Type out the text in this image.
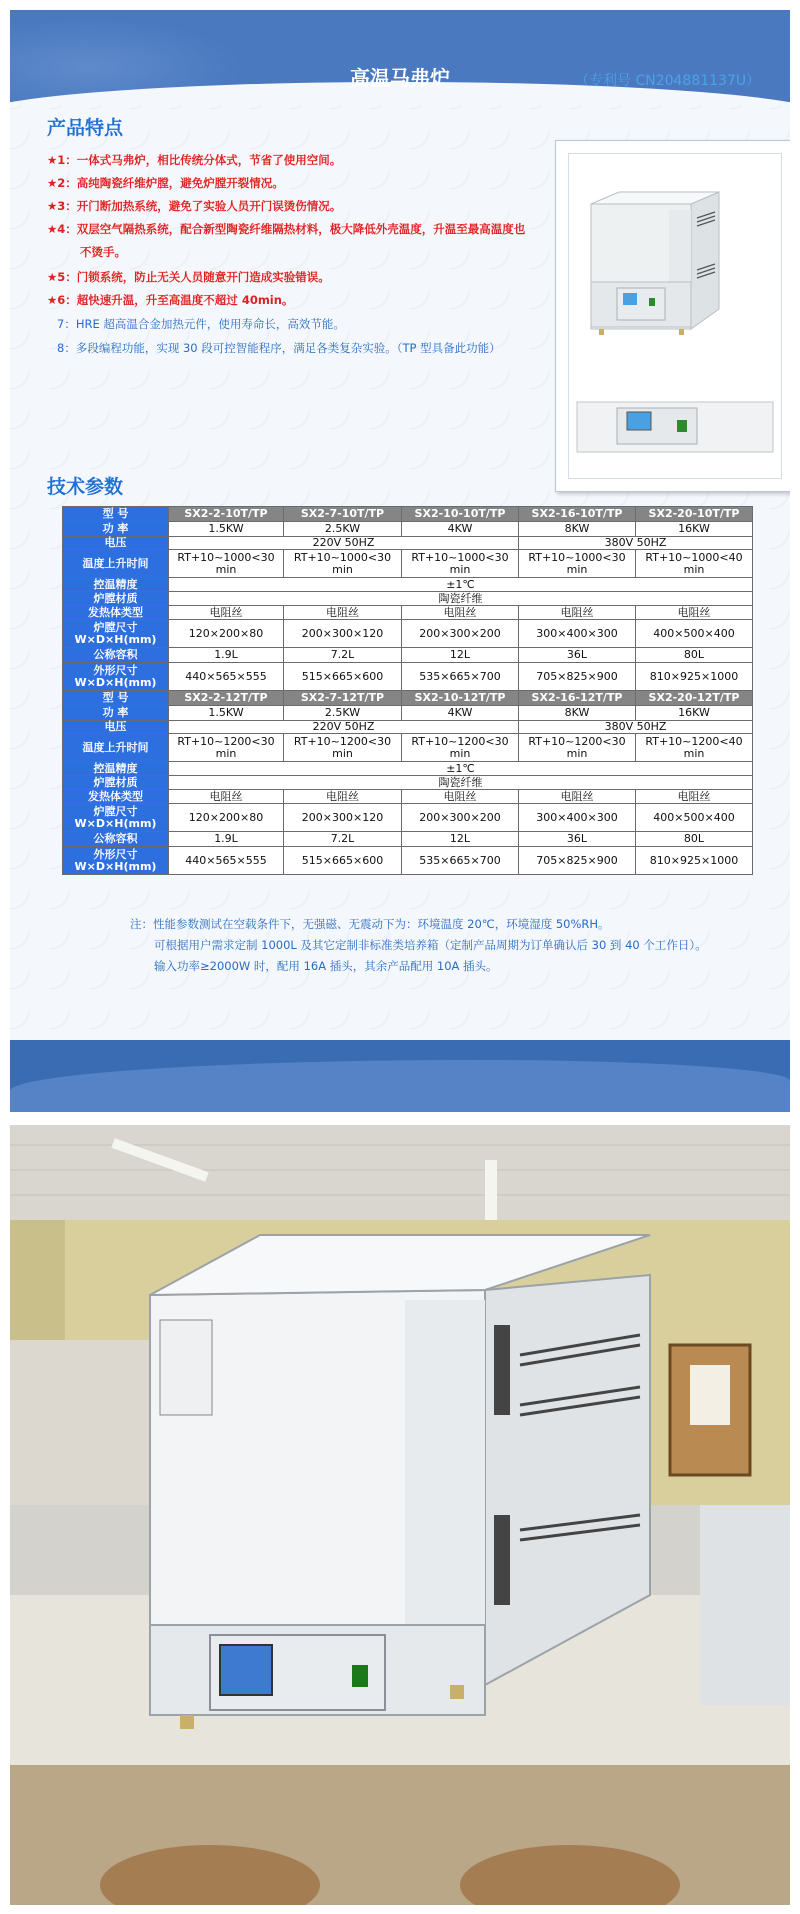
高温马弗炉	（专利号 CN204881137U）
产品特点
★1：一体式马弗炉，相比传统分体式，节省了使用空间。
★2：高纯陶瓷纤维炉膛，避免炉膛开裂情况。
★3：开门断加热系统，避免了实验人员开门误烫伤情况。
★4：双层空气隔热系统，配合新型陶瓷纤维隔热材料，极大降低外壳温度，升温至最高温度也
不烫手。
★5：门锁系统，防止无关人员随意开门造成实验错误。
★6：超快速升温，升至高温度不超过 40min。
7：HRE 超高温合金加热元件，使用寿命长，高效节能。
8：多段编程功能，实现 30 段可控智能程序，满足各类复杂实验。（TP 型具备此功能）
技术参数
型 号	SX2-2-10T/TP	SX2-7-10T/TP	SX2-10-10T/TP	SX2-16-10T/TP	SX2-20-10T/TP
功 率	1.5KW	2.5KW	4KW	8KW	16KW
电压	220V 50HZ			380V 50HZ	
温度上升时间	RT+10~1000<30 min	RT+10~1000<30 min	RT+10~1000<30 min	RT+10~1000<30 min	RT+10~1000<40 min
控温精度	±1℃				
炉膛材质	陶瓷纤维				
发热体类型	电阻丝	电阻丝	电阻丝	电阻丝	电阻丝
炉膛尺寸 W×D×H(mm)	120×200×80	200×300×120	200×300×200	300×400×300	400×500×400
公称容积	1.9L	7.2L	12L	36L	80L
外形尺寸 W×D×H(mm)	440×565×555	515×665×600	535×665×700	705×825×900	810×925×1000
型 号	SX2-2-12T/TP	SX2-7-12T/TP	SX2-10-12T/TP	SX2-16-12T/TP	SX2-20-12T/TP
功 率	1.5KW	2.5KW	4KW	8KW	16KW
电压	220V 50HZ			380V 50HZ	
温度上升时间	RT+10~1200<30 min	RT+10~1200<30 min	RT+10~1200<30 min	RT+10~1200<30 min	RT+10~1200<40 min
控温精度	±1℃				
炉膛材质	陶瓷纤维				
发热体类型	电阻丝	电阻丝	电阻丝	电阻丝	电阻丝
炉膛尺寸 W×D×H(mm)	120×200×80	200×300×120	200×300×200	300×400×300	400×500×400
公称容积	1.9L	7.2L	12L	36L	80L
外形尺寸 W×D×H(mm)	440×565×555	515×665×600	535×665×700	705×825×900	810×925×1000
注：性能参数测试在空载条件下，无强磁、无震动下为：环境温度 20℃，环境湿度 50%RH。
可根据用户需求定制 1000L 及其它定制非标准类培养箱（定制产品周期为订单确认后 30 到 40 个工作日）。
输入功率≥2000W 时，配用 16A 插头，其余产品配用 10A 插头。
